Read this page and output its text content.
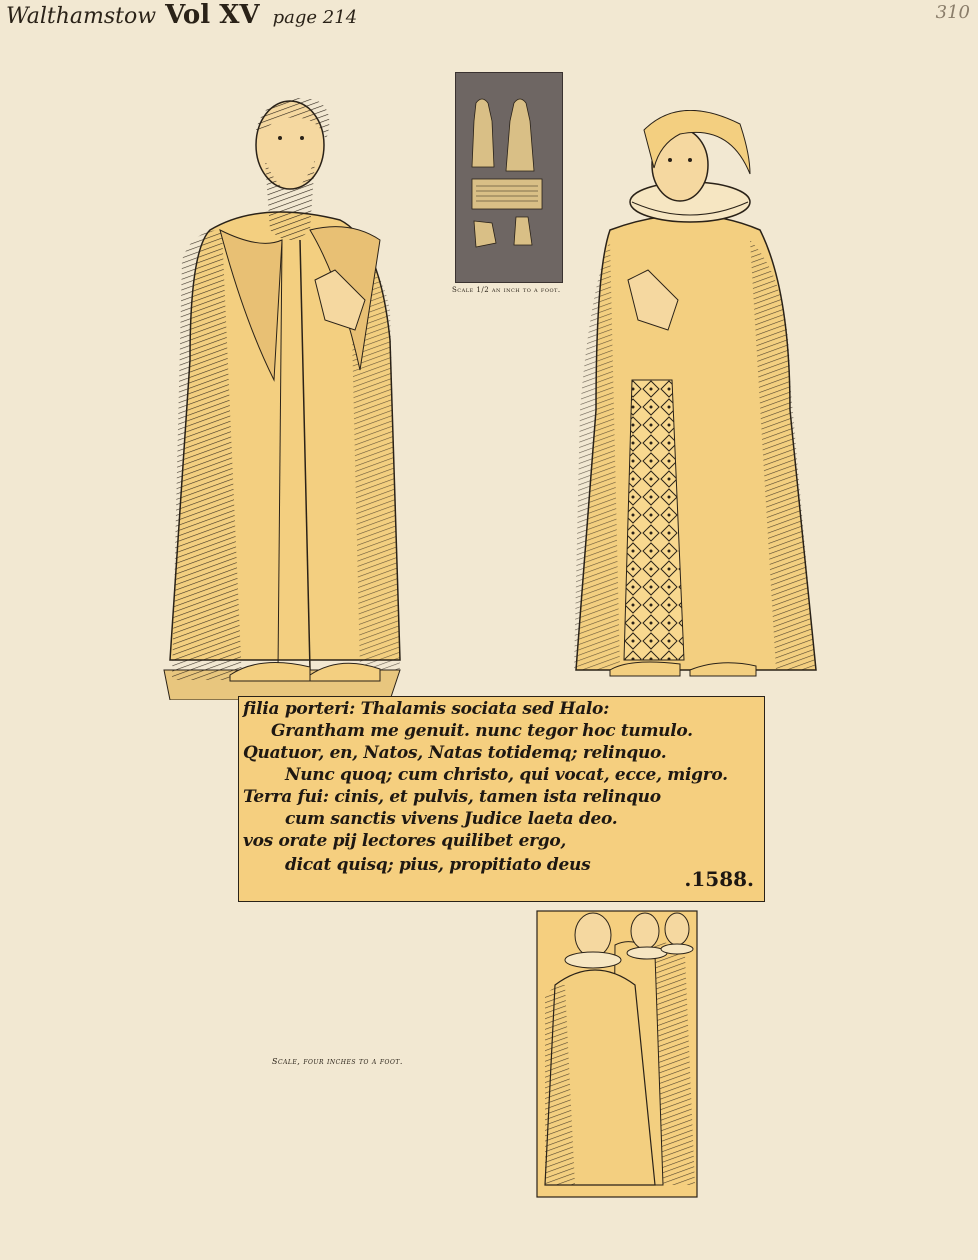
Walthamstow Vol XV page 214	310
Scale 1/2 an inch to a foot.
filia porteri: Thalamis sociata sed Halo:
Grantham me genuit. nunc tegor hoc tumulo.
Quatuor, en, Natos, Natas totidemq; relinquo.
Nunc quoq; cum christo, qui vocat, ecce, migro.
Terra fui: cinis, et pulvis, tamen ista relinquo
cum sanctis vivens Judice laeta deo.
vos orate pij lectores quilibet ergo,
dicat quisq; pius, propitiato deus
.1588.
Scale, four inches to a foot.
